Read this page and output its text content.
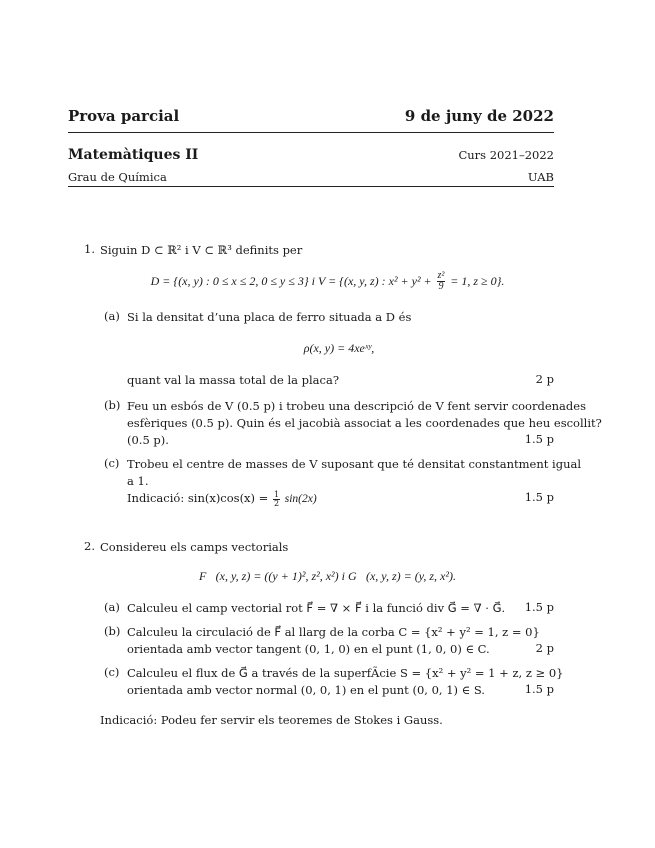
Prova parcial	9 de juny de 2022
Matemàtiques II	Curs 2021–2022
Grau de Química	UAB
1. Siguin D ⊂ ℝ² i V ⊂ ℝ³ definits per
D = {(x, y) : 0 ≤ x ≤ 2, 0 ≤ y ≤ 3} i V = {(x, y, z) : $x^2 + y^2 + \frac{\text{z²}}{9} = 1$, z ≥ 0}.
(a) Si la densitat d’una placa de ferro situada a D és
ρ(x, y) = 4xeˣʸ,
quant val la massa total de la placa?	2 p
(b) Feu un esbós de V (0.5 p) i trobeu una descripció de V fent servir coordenades
esfèriques (0.5 p). Quin és el jacobià associat a les coordenades que heu escollit?
(0.5 p).	1.5 p
(c) Trobeu el centre de masses de V suposant que té densitat constantment igual
a 1.
Indicació: $\sin(x)\cos(x) = \frac{1}{2} \sin(2x)$	1.5 p
2. Considereu els camps vectorials
F⃗(x, y, z) = ((y + 1)², z², x²) i G⃗(x, y, z) = (y, z, x²).
(a) Calculeu el camp vectorial rot F⃗ = ∇ × F⃗ i la funció div G⃗ = ∇ · G⃗. 1.5 p
(b) Calculeu la circulació de F⃗ al llarg de la corba C = {x² + y² = 1, z = 0}
orientada amb vector tangent (0, 1, 0) en el punt (1, 0, 0) ∈ C.	2 p
(c) Calculeu el flux de G⃗ a través de la superfÃcie S = {x² + y² = 1 + z, z ≥ 0}
orientada amb vector normal (0, 0, 1) en el punt (0, 0, 1) ∈ S.	1.5 p
Indicació: Podeu fer servir els teoremes de Stokes i Gauss.
